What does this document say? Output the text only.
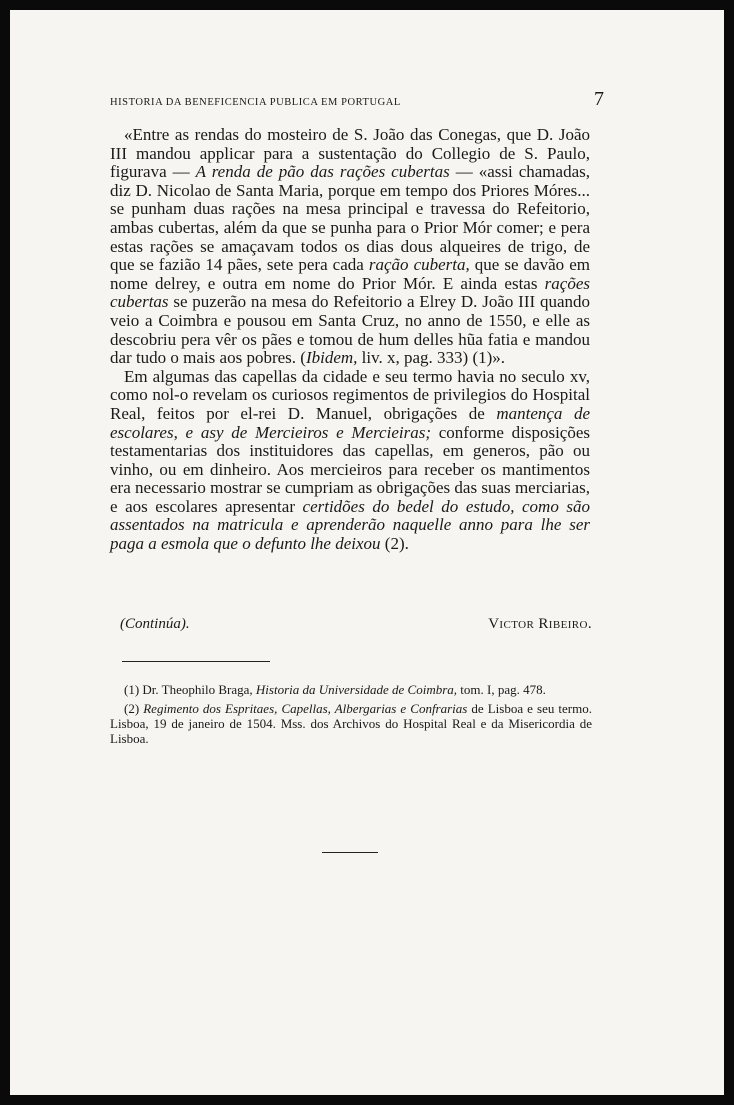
HISTORIA DA BENEFICENCIA PUBLICA EM PORTUGAL	7

«Entre as rendas do mosteiro de S. João das Conegas, que D. João III mandou applicar para a sustentação do Collegio de S. Paulo, figurava — A renda de pão das rações cubertas — «assi chamadas, diz D. Nicolao de Santa Maria, porque em tempo dos Priores Móres... se punham duas rações na mesa principal e travessa do Refeitorio, ambas cubertas, além da que se punha para o Prior Mór comer; e pera estas rações se amaçavam todos os dias dous alqueires de trigo, de que se fazião 14 pães, sete pera cada ração cuberta, que se davão em nome delrey, e outra em nome do Prior Mór. E ainda estas rações cubertas se puzerão na mesa do Refeitorio a Elrey D. João III quando veio a Coimbra e pousou em Santa Cruz, no anno de 1550, e elle as descobriu pera vêr os pães e tomou de hum delles hũa fatia e mandou dar tudo o mais aos pobres. (Ibidem, liv. x, pag. 333) (1)».

Em algumas das capellas da cidade e seu termo havia no seculo xv, como nol-o revelam os curiosos regimentos de privilegios do Hospital Real, feitos por el-rei D. Manuel, obrigações de mantença de escolares, e asy de Mercieiros e Mercieiras; conforme disposições testamentarias dos instituidores das capellas, em generos, pão ou vinho, ou em dinheiro. Aos mercieiros para receber os mantimentos era necessario mostrar se cumpriam as obrigações das suas merciarias, e aos escolares apresentar certidões do bedel do estudo, como são assentados na matricula e aprenderão naquelle anno para lhe ser paga a esmola que o defunto lhe deixou (2).

(Continúa).	Victor Ribeiro.

(1) Dr. Theophilo Braga, Historia da Universidade de Coimbra, tom. I, pag. 478.

(2) Regimento dos Espritaes, Capellas, Albergarias e Confrarias de Lisboa e seu termo. Lisboa, 19 de janeiro de 1504. Mss. dos Archivos do Hospital Real e da Misericordia de Lisboa.
